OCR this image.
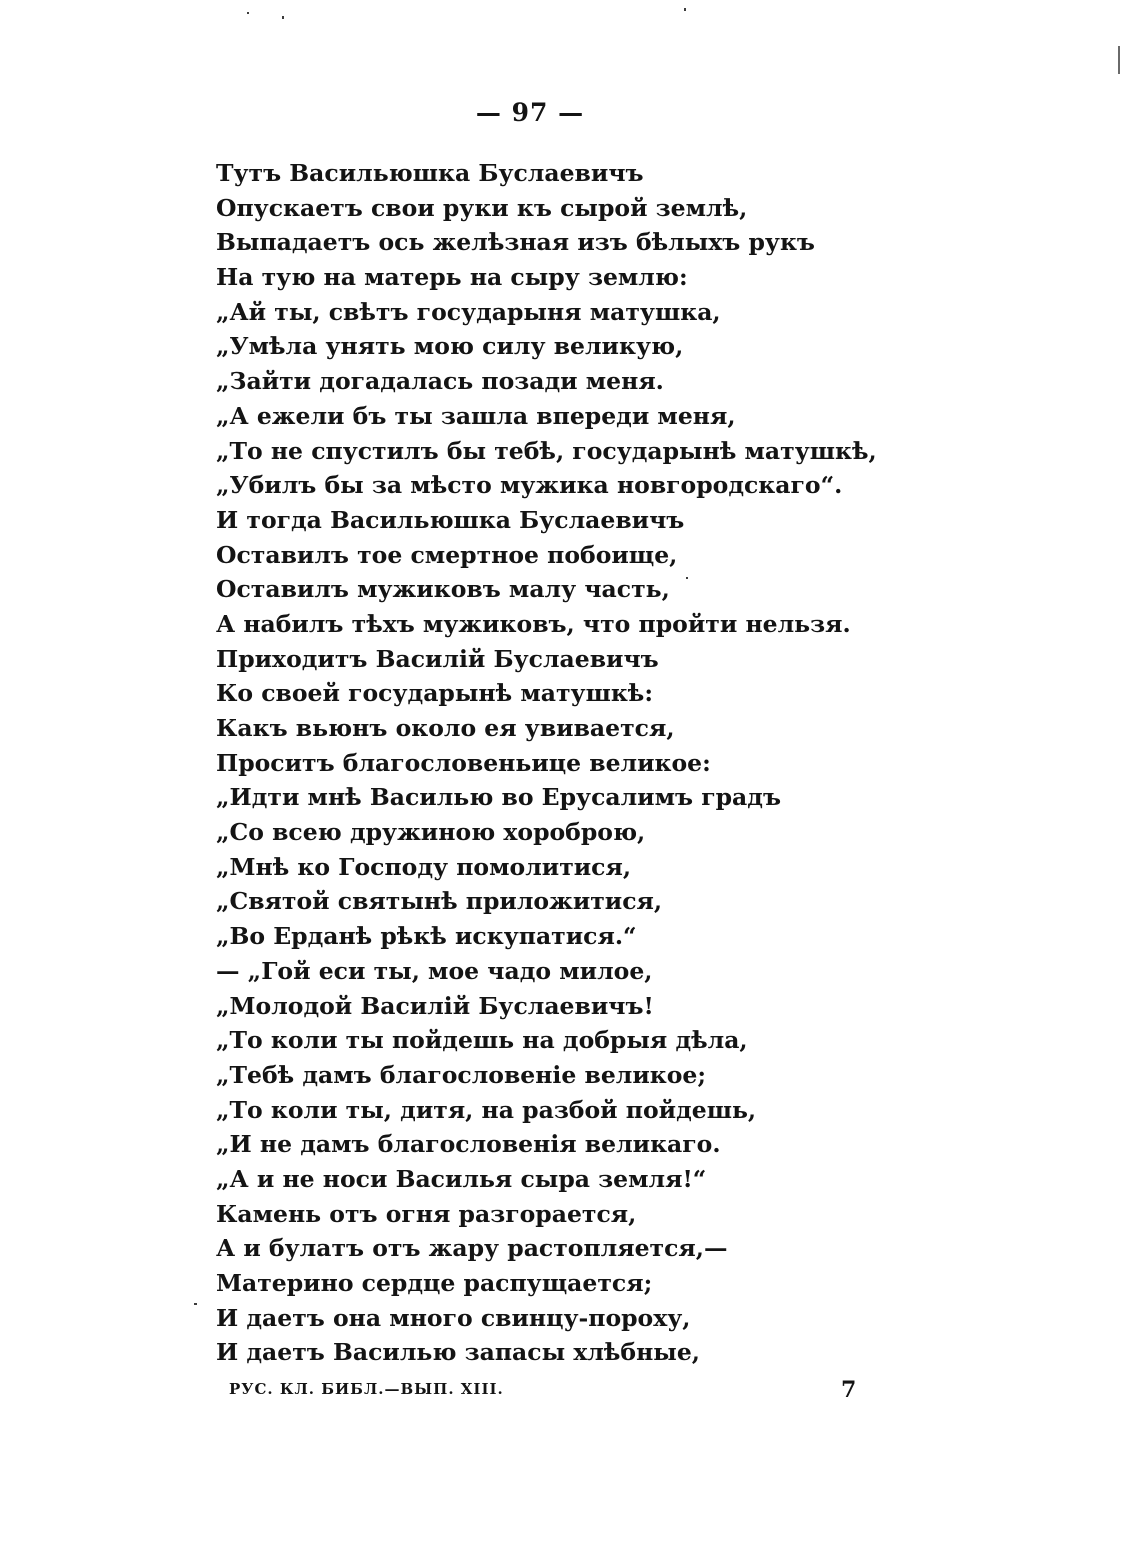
— 97 —
Тутъ Васильюшка Буслаевичъ
Опускаетъ свои руки къ сырой землѣ,
Выпадаетъ ось желѣзная изъ бѣлыхъ рукъ
На тую на матерь на сыру землю:
„Ай ты, свѣтъ государыня матушка,
„Умѣла унять мою силу великую,
„Зайти догадалась позади меня.
„А ежели бъ ты зашла впереди меня,
„То не спустилъ бы тебѣ, государынѣ матушкѣ,
„Убилъ бы за мѣсто мужика новгородскаго“.
И тогда Васильюшка Буслаевичъ
Оставилъ тое смертное побоище,
Оставилъ мужиковъ малу часть,
А набилъ тѣхъ мужиковъ, что пройти нельзя.
Приходитъ Василій Буслаевичъ
Ко своей государынѣ матушкѣ:
Какъ вьюнъ около ея увивается,
Проситъ благословеньице великое:
„Идти мнѣ Василью во Ерусалимъ градъ
„Со всею дружиною хороброю,
„Мнѣ ко Господу помолитися,
„Святой святынѣ приложитися,
„Во Ерданѣ рѣкѣ искупатися.“
— „Гой еси ты, мое чадо милое,
„Молодой Василій Буслаевичъ!
„То коли ты пойдешь на добрыя дѣла,
„Тебѣ дамъ благословеніе великое;
„То коли ты, дитя, на разбой пойдешь,
„И не дамъ благословенія великаго.
„А и не носи Василья сыра земля!“
Камень отъ огня разгорается,
А и булатъ отъ жару растопляется,—
Материно сердце распущается;
И даетъ она много свинцу-пороху,
И даетъ Василью запасы хлѣбные,
РУС. КЛ. БИБЛ.—ВЫП. XIII.	7
